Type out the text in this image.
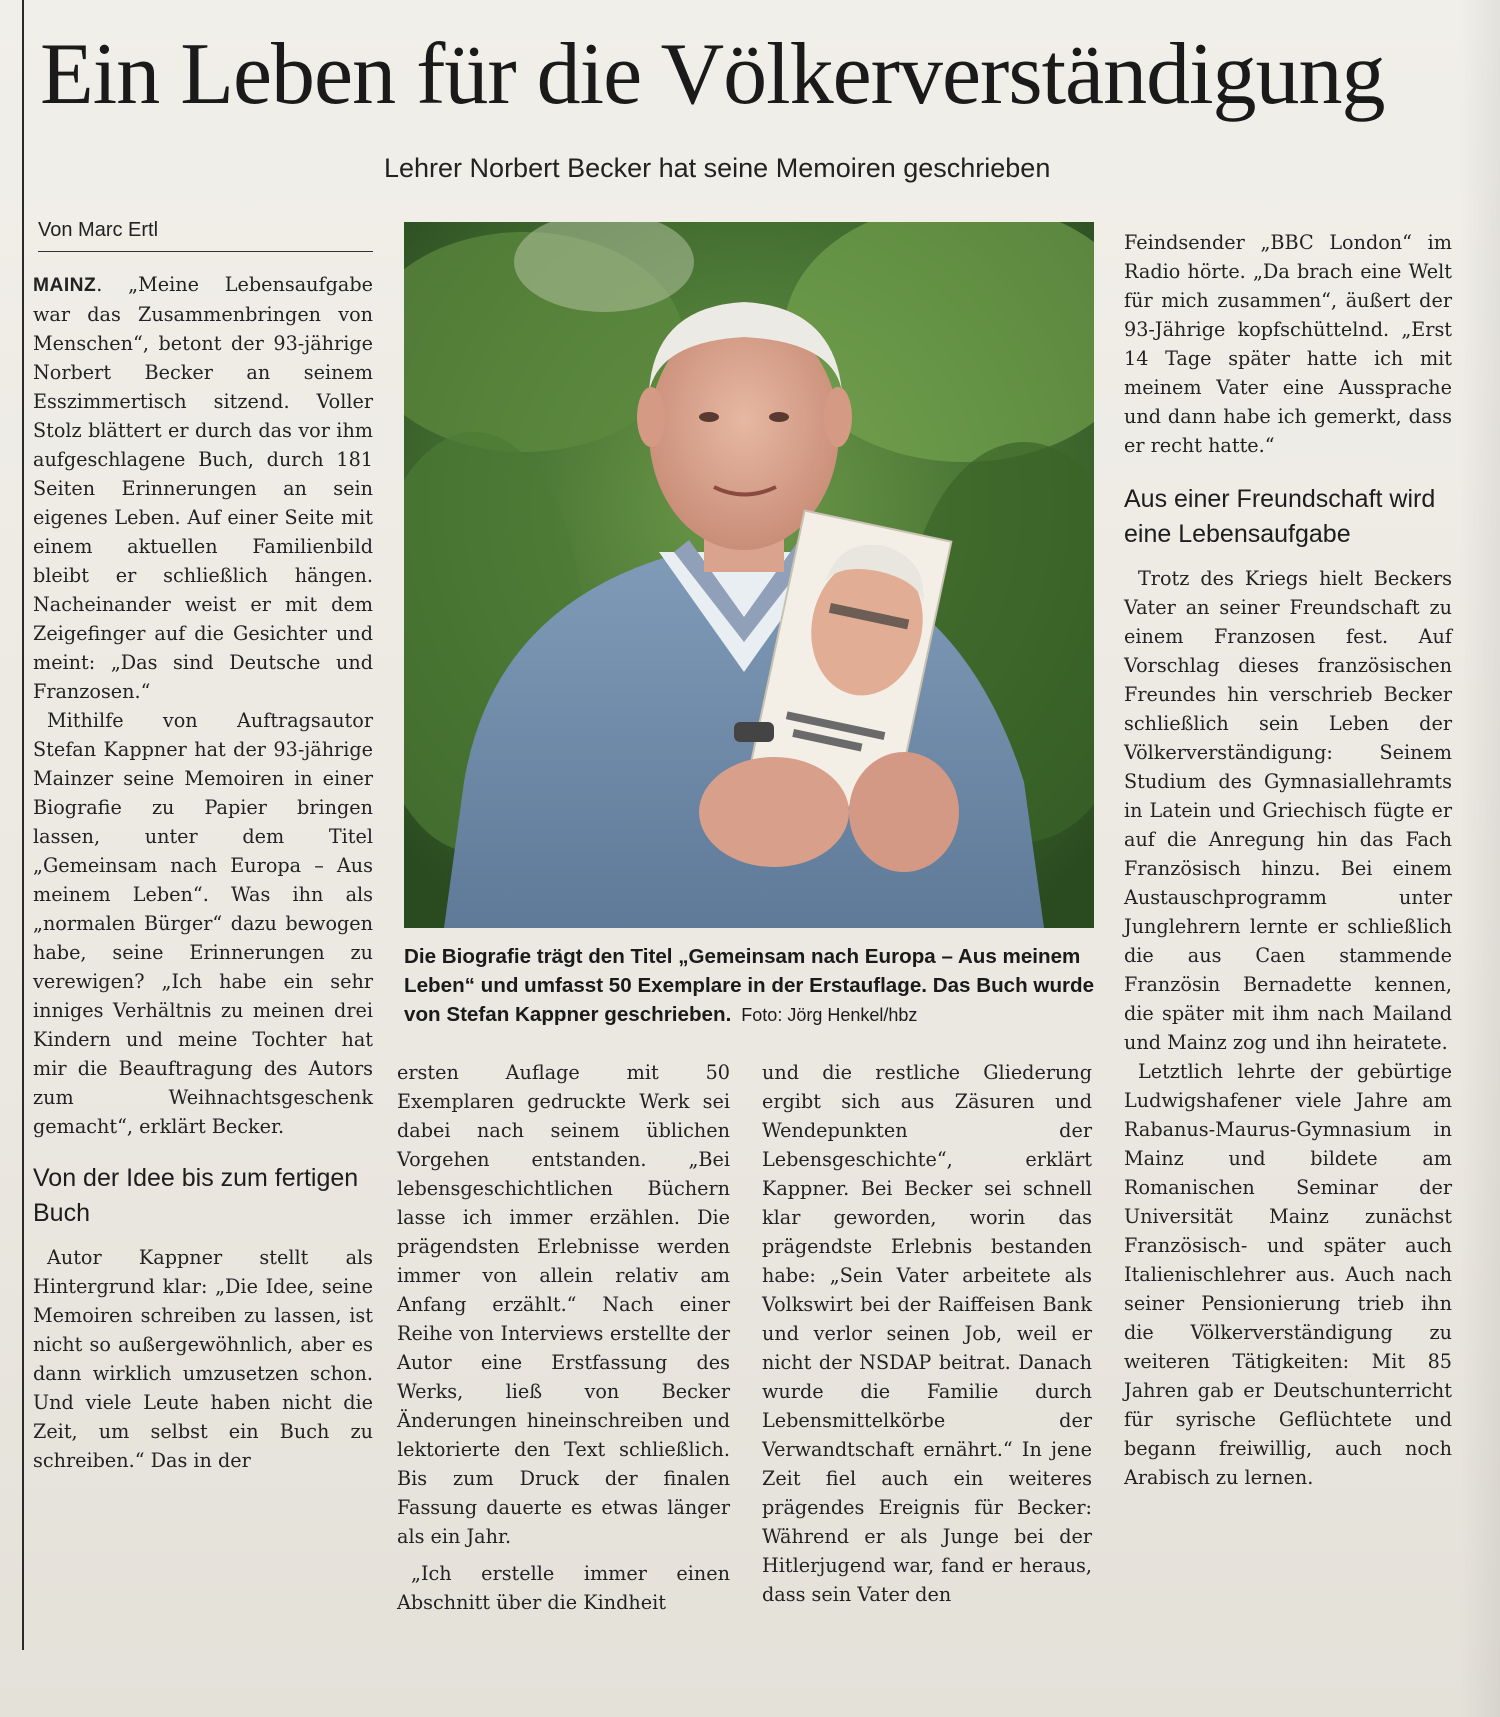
Ein Leben für die Völkerverständigung
Lehrer Norbert Becker hat seine Memoiren geschrieben
Von Marc Ertl

MAINZ. „Meine Lebensaufgabe war das Zusammenbringen von Menschen“, betont der 93-jährige Norbert Becker an seinem Esszimmertisch sitzend. Voller Stolz blättert er durch das vor ihm aufgeschlagene Buch, durch 181 Seiten Erinnerungen an sein eigenes Leben. Auf einer Seite mit einem aktuellen Familienbild bleibt er schließlich hängen. Nacheinander weist er mit dem Zeigefinger auf die Gesichter und meint: „Das sind Deutsche und Franzosen.“

Mithilfe von Auftragsautor Stefan Kappner hat der 93-jährige Mainzer seine Memoiren in einer Biografie zu Papier bringen lassen, unter dem Titel „Gemeinsam nach Europa – Aus meinem Leben“. Was ihn als „normalen Bürger“ dazu bewogen habe, seine Erinnerungen zu verewigen? „Ich habe ein sehr inniges Verhältnis zu meinen drei Kindern und meine Tochter hat mir die Beauftragung des Autors zum Weihnachtsgeschenk gemacht“, erklärt Becker.

Von der Idee bis zum fertigen Buch

Autor Kappner stellt als Hintergrund klar: „Die Idee, seine Memoiren schreiben zu lassen, ist nicht so außergewöhnlich, aber es dann wirklich umzusetzen schon. Und viele Leute haben nicht die Zeit, um selbst ein Buch zu schreiben.“ Das in der

Die Biografie trägt den Titel „Gemeinsam nach Europa – Aus meinem Leben“ und umfasst 50 Exemplare in der Erstauflage. Das Buch wurde von Stefan Kappner geschrieben. Foto: Jörg Henkel/hbz

ersten Auflage mit 50 Exemplaren gedruckte Werk sei dabei nach seinem üblichen Vorgehen entstanden. „Bei lebensgeschichtlichen Büchern lasse ich immer erzählen. Die prägendsten Erlebnisse werden immer von allein relativ am Anfang erzählt.“ Nach einer Reihe von Interviews erstellte der Autor eine Erstfassung des Werks, ließ von Becker Änderungen hineinschreiben und lektorierte den Text schließlich. Bis zum Druck der finalen Fassung dauerte es etwas länger als ein Jahr.

„Ich erstelle immer einen Abschnitt über die Kindheit

und die restliche Gliederung ergibt sich aus Zäsuren und Wendepunkten der Lebensgeschichte“, erklärt Kappner. Bei Becker sei schnell klar geworden, worin das prägendste Erlebnis bestanden habe: „Sein Vater arbeitete als Volkswirt bei der Raiffeisen Bank und verlor seinen Job, weil er nicht der NSDAP beitrat. Danach wurde die Familie durch Lebensmittelkörbe der Verwandtschaft ernährt.“ In jene Zeit fiel auch ein weiteres prägendes Ereignis für Becker: Während er als Junge bei der Hitlerjugend war, fand er heraus, dass sein Vater den

Feindsender „BBC London“ im Radio hörte. „Da brach eine Welt für mich zusammen“, äußert der 93-Jährige kopfschüttelnd. „Erst 14 Tage später hatte ich mit meinem Vater eine Aussprache und dann habe ich gemerkt, dass er recht hatte.“

Aus einer Freundschaft wird eine Lebensaufgabe

Trotz des Kriegs hielt Beckers Vater an seiner Freundschaft zu einem Franzosen fest. Auf Vorschlag dieses französischen Freundes hin verschrieb Becker schließlich sein Leben der Völkerverständigung: Seinem Studium des Gymnasiallehramts in Latein und Griechisch fügte er auf die Anregung hin das Fach Französisch hinzu. Bei einem Austauschprogramm unter Junglehrern lernte er schließlich die aus Caen stammende Französin Bernadette kennen, die später mit ihm nach Mailand und Mainz zog und ihn heiratete.

Letztlich lehrte der gebürtige Ludwigshafener viele Jahre am Rabanus-Maurus-Gymnasium in Mainz und bildete am Romanischen Seminar der Universität Mainz zunächst Französisch- und später auch Italienischlehrer aus. Auch nach seiner Pensionierung trieb ihn die Völkerverständigung zu weiteren Tätigkeiten: Mit 85 Jahren gab er Deutschunterricht für syrische Geflüchtete und begann freiwillig, auch noch Arabisch zu lernen.
